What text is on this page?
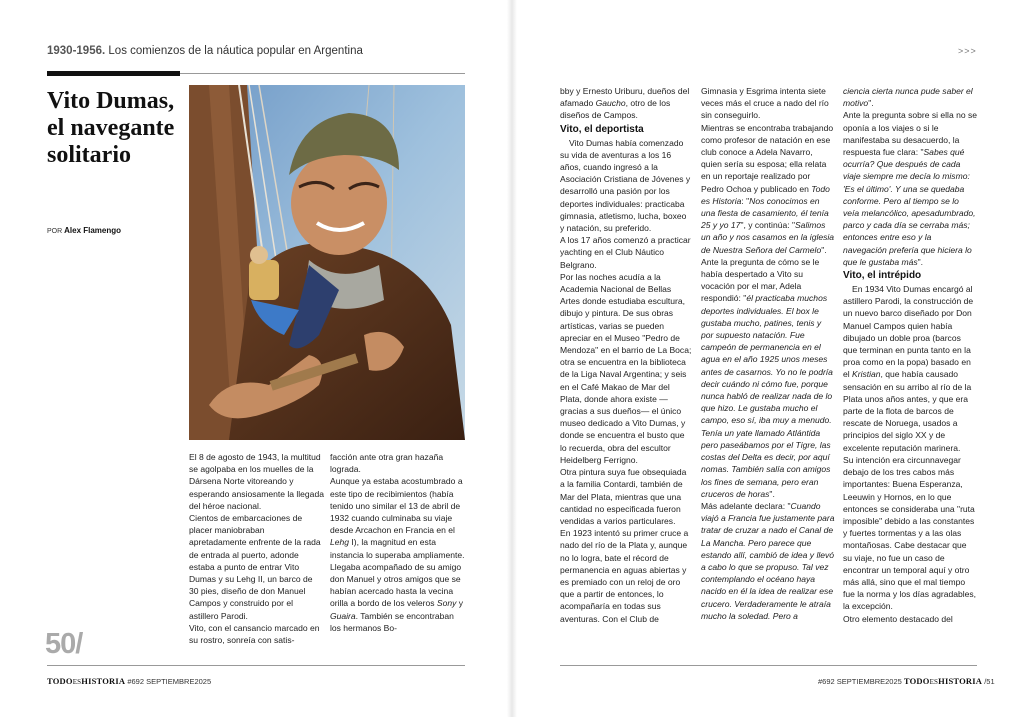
1930-1956. Los comienzos de la náutica popular en Argentina	>>>
Vito Dumas, el navegante solitario
POR Alex Flamengo

El 8 de agosto de 1943, la multitud se agolpaba en los muelles de la Dársena Norte vitoreando y esperando ansiosamente la llegada del héroe nacional.

Cientos de embarcaciones de placer maniobraban apretadamente enfrente de la rada de entrada al puerto, adonde estaba a punto de entrar Vito Dumas y su Lehg II, un barco de 30 pies, diseño de don Manuel Campos y construido por el astillero Parodi.

Vito, con el cansancio marcado en su rostro, sonreía con satis-

facción ante otra gran hazaña lograda.

Aunque ya estaba acostumbrado a este tipo de recibimientos (había tenido uno similar el 13 de abril de 1932 cuando culminaba su viaje desde Arcachon en Francia en el Lehg I), la magnitud en esta instancia lo superaba ampliamente.

Llegaba acompañado de su amigo don Manuel y otros amigos que se habían acercado hasta la vecina orilla a bordo de los veleros Sony y Guaira. También se encontraban los hermanos Bo-

50/
TODOESHISTORIA #692 SEPTIEMBRE2025

bby y Ernesto Uriburu, dueños del afamado Gaucho, otro de los diseños de Campos.

Vito, el deportista

Vito Dumas había comenzado su vida de aventuras a los 16 años, cuando ingresó a la Asociación Cristiana de Jóvenes y desarrolló una pasión por los deportes individuales: practicaba gimnasia, atletismo, lucha, boxeo y natación, su preferido.

A los 17 años comenzó a practicar yachting en el Club Náutico Belgrano.

Por las noches acudía a la Academia Nacional de Bellas Artes donde estudiaba escultura, dibujo y pintura. De sus obras artísticas, varias se pueden apreciar en el Museo "Pedro de Mendoza" en el barrio de La Boca; otra se encuentra en la biblioteca de la Liga Naval Argentina; y seis en el Café Makao de Mar del Plata, donde ahora existe —gracias a sus dueños— el único museo dedicado a Vito Dumas, y donde se encuentra el busto que lo recuerda, obra del escultor Heidelberg Ferrigno.

Otra pintura suya fue obsequiada a la familia Contardi, también de Mar del Plata, mientras que una cantidad no especificada fueron vendidas a varios particulares.

En 1923 intentó su primer cruce a nado del río de la Plata y, aunque no lo logra, bate el récord de permanencia en aguas abiertas y es premiado con un reloj de oro que a partir de entonces, lo acompañaría en todas sus aventuras. Con el Club de

Gimnasia y Esgrima intenta siete veces más el cruce a nado del río sin conseguirlo.

Mientras se encontraba trabajando como profesor de natación en ese club conoce a Adela Navarro, quien sería su esposa; ella relata en un reportaje realizado por Pedro Ochoa y publicado en Todo es Historia: "Nos conocimos en una fiesta de casamiento, él tenía 25 y yo 17", y continúa: "Salimos un año y nos casamos en la iglesia de Nuestra Señora del Carmelo".

Ante la pregunta de cómo se le había despertado a Vito su vocación por el mar, Adela respondió: "él practicaba muchos deportes individuales. El box le gustaba mucho, patines, tenis y por supuesto natación. Fue campeón de permanencia en el agua en el año 1925 unos meses antes de casarnos. Yo no le podría decir cuándo ni cómo fue, porque nunca habló de realizar nada de lo que hizo. Le gustaba mucho el campo, eso sí, iba muy a menudo. Tenía un yate llamado Atlántida pero paseábamos por el Tigre, las costas del Delta es decir, por aquí nomas. También salía con amigos los fines de semana, pero eran cruceros de horas".

Más adelante declara: "Cuando viajó a Francia fue justamente para tratar de cruzar a nado el Canal de La Mancha. Pero parece que estando allí, cambió de idea y llevó a cabo lo que se propuso. Tal vez contemplando el océano haya nacido en él la idea de realizar ese crucero. Verdaderamente le atraía mucho la soledad. Pero a

ciencia cierta nunca pude saber el motivo".

Ante la pregunta sobre si ella no se oponía a los viajes o si le manifestaba su desacuerdo, la respuesta fue clara: "Sabes qué ocurría? Que después de cada viaje siempre me decía lo mismo: 'Es el último'. Y una se quedaba conforme. Pero al tiempo se lo veía melancólico, apesadumbrado, parco y cada día se cerraba más; entonces entre eso y la navegación prefería que hiciera lo que le gustaba más".

Vito, el intrépido

En 1934 Vito Dumas encargó al astillero Parodi, la construcción de un nuevo barco diseñado por Don Manuel Campos quien había dibujado un doble proa (barcos que terminan en punta tanto en la proa como en la popa) basado en el Kristian, que había causado sensación en su arribo al río de la Plata unos años antes, y que era parte de la flota de barcos de rescate de Noruega, usados a principios del siglo XX y de excelente reputación marinera.

Su intención era circunnavegar debajo de los tres cabos más importantes: Buena Esperanza, Leeuwin y Hornos, en lo que entonces se consideraba una "ruta imposible" debido a las constantes y fuertes tormentas y a las olas montañosas. Cabe destacar que su viaje, no fue un caso de encontrar un temporal aquí y otro más allá, sino que el mal tiempo fue la norma y los días agradables, la excepción.

Otro elemento destacado del

#692 SEPTIEMBRE2025 TODOESHISTORIA /51
